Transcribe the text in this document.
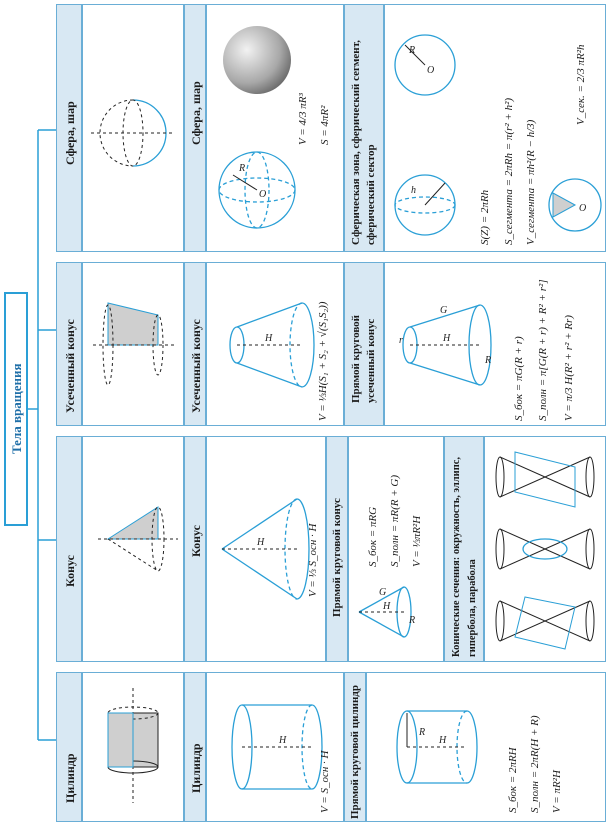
Тела вращения
Цилиндр	Цилиндр
H
V = S_осн · H Прямой круговой цилиндр	R
H
S_бок = 2πRH S_полн = 2πR(H + R) V = πR²H
Конус
Конус	H	V = ⅓ S_осн · H Прямой круговой конус	G
H
R
S_бок = πRG S_полн = πR(R + G) V = ⅓πR²H	Конические сечения: окружность, эллипс, гипербола, парабола
Усеченный конус	Усеченный конус	H	V = ⅓H(S₁ + S₂ + √(S₁S₂)) Прямой круговой усеченный конус
G
H
R
r	S_бок = πG(R + r) S_полн = π[G(R + r) + R² + r²] V = π/3 H(R² + r² + Rr)
Сфера, шар	Сфера, шар
R
O
V = 4/3 πR³ S = 4πR² Сферическая зона, сферический сегмент, сферический сектор	h
R
O
O
S(Z) = 2πRh S_сегмента = 2πRh = π(r² + h²) V_сегмента = πh²(R − h/3)
V_сек. = 2/3 πR²h
